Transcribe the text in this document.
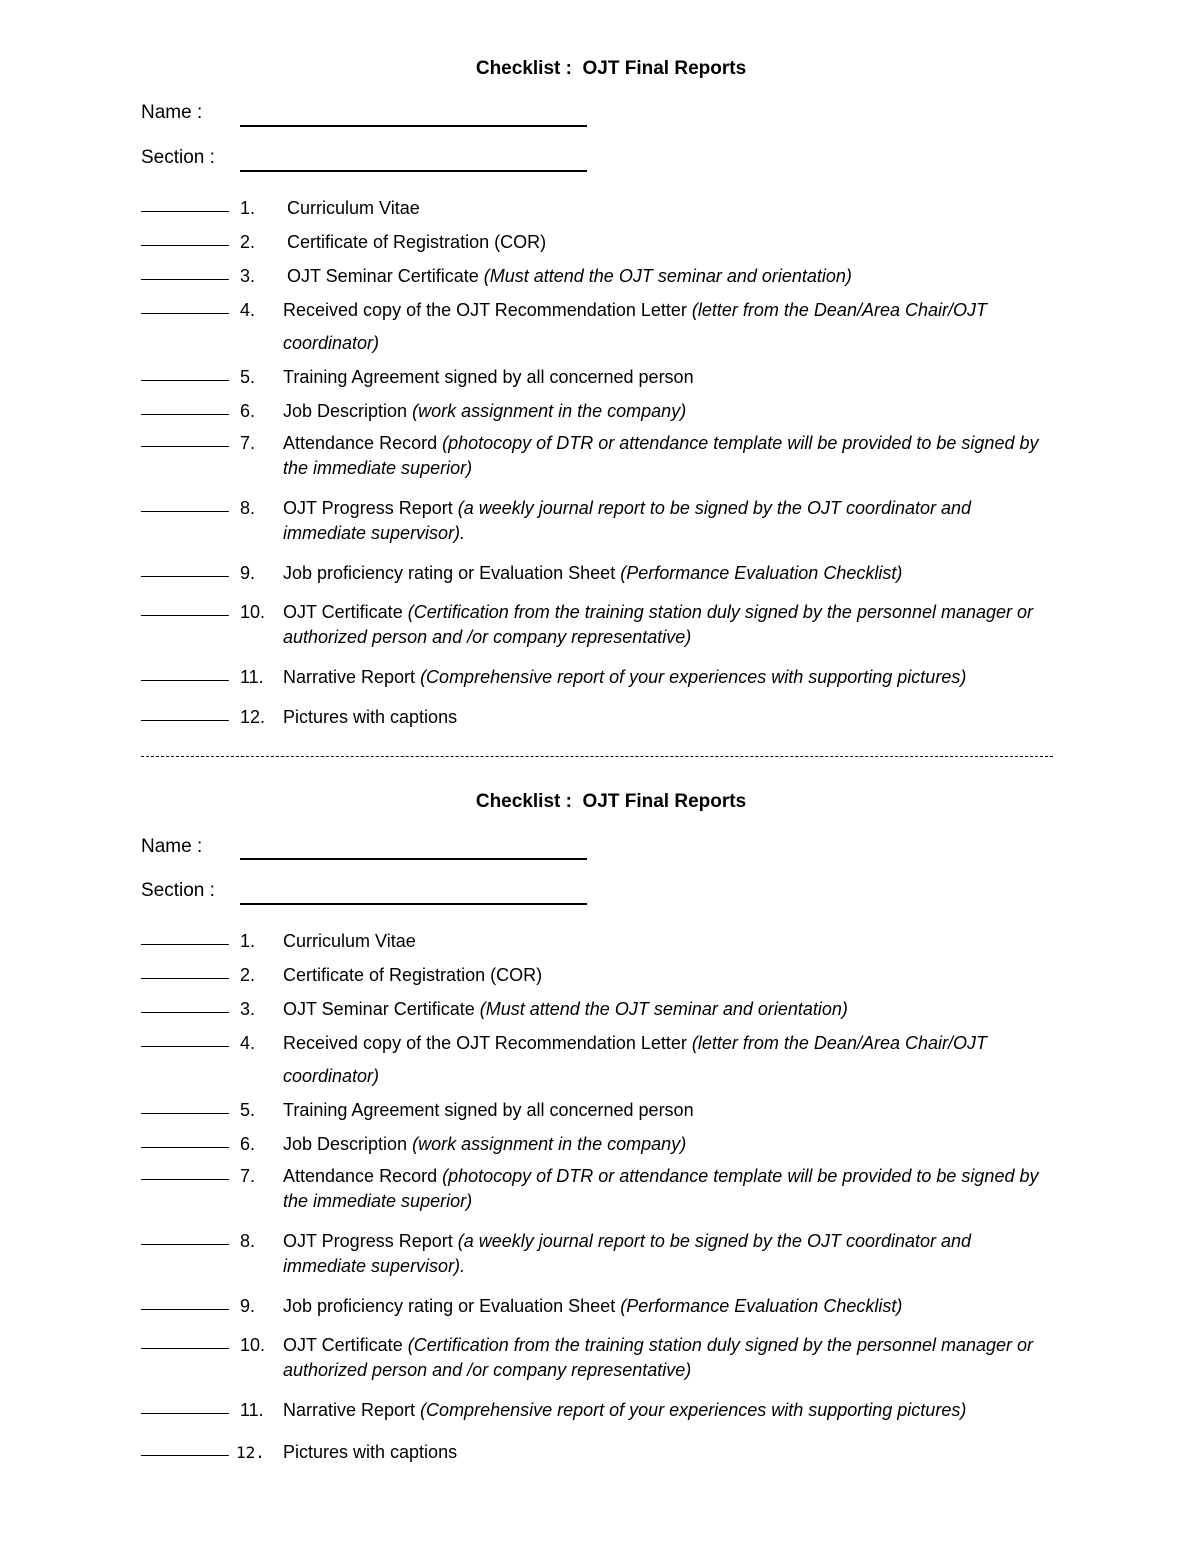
Checklist :  OJT Final Reports
Name :
Section :
1. Curriculum Vitae
2. Certificate of Registration (COR)
3. OJT Seminar Certificate (Must attend the OJT seminar and orientation)
4. Received copy of the OJT Recommendation Letter (letter from the Dean/Area Chair/OJT coordinator)
5. Training Agreement signed by all concerned person
6. Job Description (work assignment in the company)
7. Attendance Record (photocopy of DTR or attendance template will be provided to be signed by the immediate superior)
8. OJT Progress Report (a weekly journal report to be signed by the OJT coordinator and immediate supervisor).
9. Job proficiency rating or Evaluation Sheet (Performance Evaluation Checklist)
10. OJT Certificate (Certification from the training station duly signed by the personnel manager or authorized person and /or company representative)
11. Narrative Report (Comprehensive report of your experiences with supporting pictures)
12. Pictures with captions
Checklist :  OJT Final Reports
Name :
Section :
1. Curriculum Vitae
2. Certificate of Registration (COR)
3. OJT Seminar Certificate (Must attend the OJT seminar and orientation)
4. Received copy of the OJT Recommendation Letter (letter from the Dean/Area Chair/OJT coordinator)
5. Training Agreement signed by all concerned person
6. Job Description (work assignment in the company)
7. Attendance Record (photocopy of DTR or attendance template will be provided to be signed by the immediate superior)
8. OJT Progress Report (a weekly journal report to be signed by the OJT coordinator and immediate supervisor).
9. Job proficiency rating or Evaluation Sheet (Performance Evaluation Checklist)
10. OJT Certificate (Certification from the training station duly signed by the personnel manager or authorized person and /or company representative)
11. Narrative Report (Comprehensive report of your experiences with supporting pictures)
12. Pictures with captions
